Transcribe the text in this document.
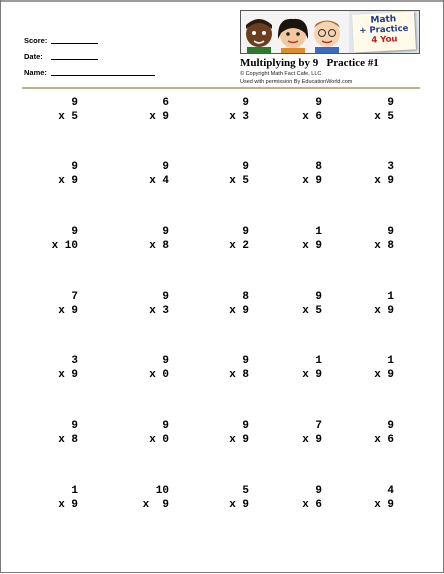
Score:
Date:
Name:
Math
+ Practice
4 You
Multiplying by 9   Practice #1
© Copyright Math Fact Cafe, LLC
Used with permission By EducationWorld.com
9
x 5
6
x 9
9
x 3
9
x 6
9
x 5
9
x 9
9
x 4
9
x 5
8
x 9
3
x 9
9
x 10
9
x 8
9
x 2
1
x 9
9
x 8
7
x 9
9
x 3
8
x 9
9
x 5
1
x 9
3
x 9
9
x 0
9
x 8
1
x 9
1
x 9
9
x 8
9
x 0
9
x 9
7
x 9
9
x 6
1
x 9
10
x  9
5
x 9
9
x 6
4
x 9
